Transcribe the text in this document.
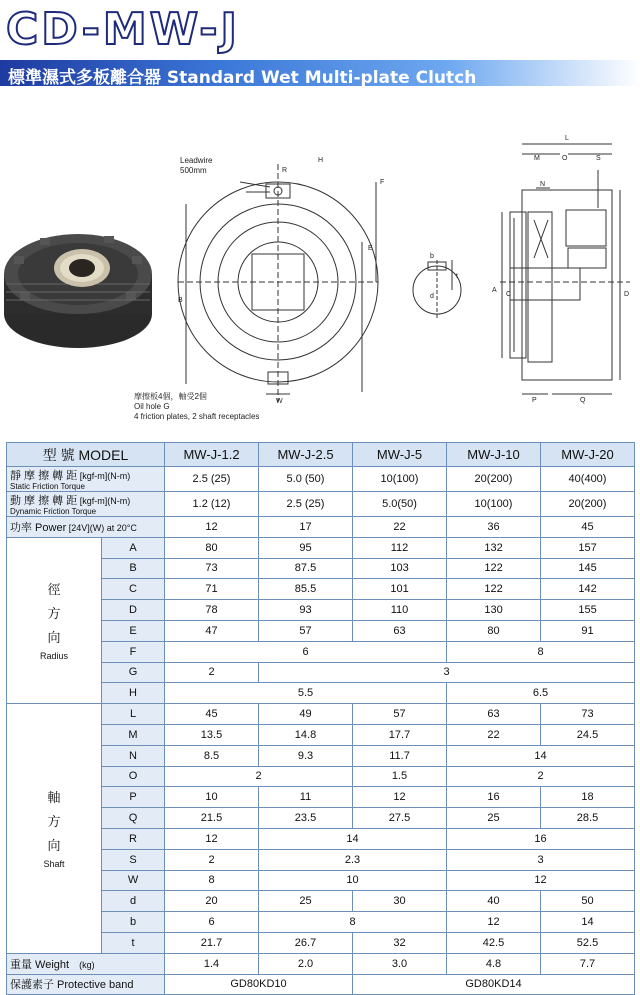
CD-MW-J
標準濕式多板離合器 Standard Wet Multi-plate Clutch
R
H
F
E
B
W
b
d
t
L
M	O	S
N
A
C	D
P	Q
Leadwire
500mm
摩擦板4個，軸受2個
Oil hole G
4 friction plates, 2 shaft receptacles
型 號 MODEL		MW-J-1.2	MW-J-2.5	MW-J-5	MW-J-10	MW-J-20
靜 摩 擦 轉 距 [kgf-m](N-m)
Static Friction Torque		2.5 (25)	5.0 (50)	10(100)	20(200)	40(400)
動 摩 擦 轉 距 [kgf-m](N-m)
Dynamic Friction Torque		1.2 (12)	2.5 (25)	5.0(50)	10(100)	20(200)
功率 Power [24V](W) at 20°C		12	17	22	36	45

徑
方
向
Radius	A	80	95	112	132	157
	B	73	87.5	103	122	145
	C	71	85.5	101	122	142
	D	78	93	110	130	155
	E	47	57	63	80	91
	F	6			8	
	G	2	3			
	H	5.5			6.5	

軸
方
向
Shaft	L	45	49	57	63	73
	M	13.5	14.8	17.7	22	24.5
	N	8.5	9.3	11.7	14	
	O	2		1.5	2	
	P	10	11	12	16	18
	Q	21.5	23.5	27.5	25	28.5
	R	12	14		16	
	S	2	2.3		3	
	W	8	10		12	
	d	20	25	30	40	50
	b	6	8		12	14
	t	21.7	26.7	32	42.5	52.5
重量 Weight (kg)		1.4	2.0	3.0	4.8	7.7
保護素子 Protective band		GD80KD10		GD80KD14		
